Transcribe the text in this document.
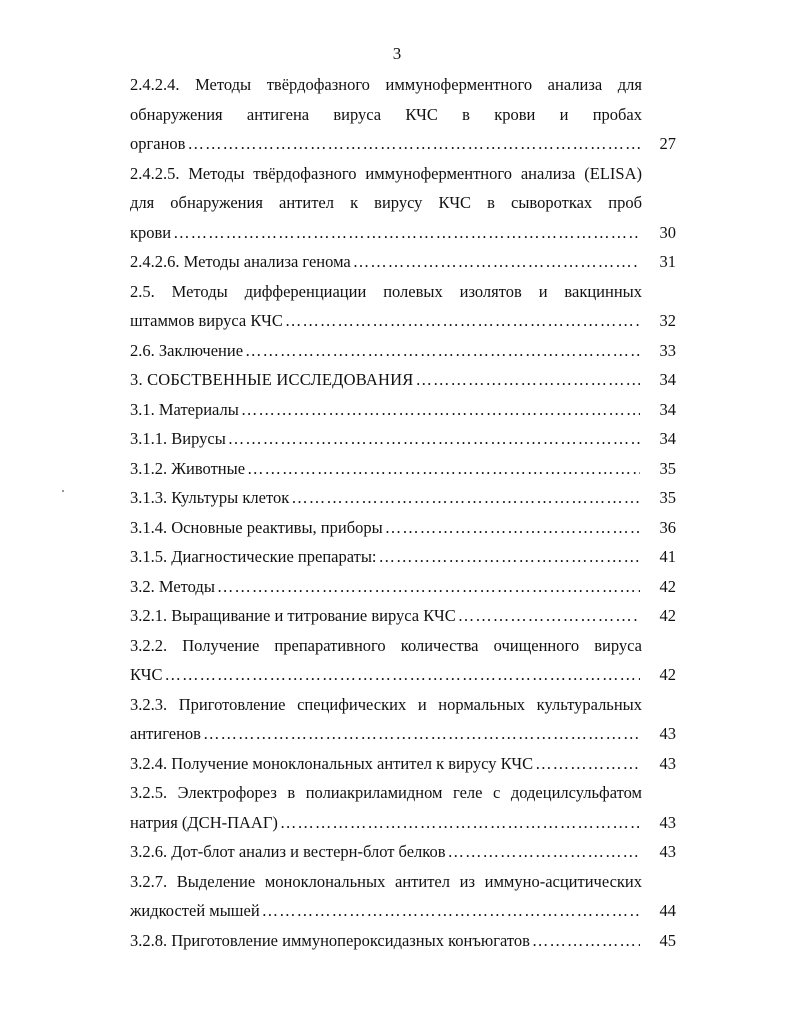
3
2.4.2.4. Методы твёрдофазного иммуноферментного анализа для
обнаружения антигена вируса КЧС в крови и пробах
органов ……………………………………………………………………………………………………………………………………………………………………………………………………………	27
2.4.2.5. Методы твёрдофазного иммуноферментного анализа (ELISA)
для обнаружения антител к вирусу КЧС в сыворотках проб
крови ……………………………………………………………………………………………………………………………………………………………………………………………………………	30
2.4.2.6. Методы анализа генома ……………………………………………………………………………………………………………………………………………………………………………………………………………	31
2.5. Методы дифференциации полевых изолятов и вакцинных
штаммов вируса КЧС ……………………………………………………………………………………………………………………………………………………………………………………………………………	32
2.6. Заключение ……………………………………………………………………………………………………………………………………………………………………………………………………………	33
3. СОБСТВЕННЫЕ ИССЛЕДОВАНИЯ ……………………………………………………………………………………………………………………………………………………………………………………………………………	34
3.1. Материалы ……………………………………………………………………………………………………………………………………………………………………………………………………………	34
3.1.1. Вирусы ……………………………………………………………………………………………………………………………………………………………………………………………………………	34
3.1.2. Животные ……………………………………………………………………………………………………………………………………………………………………………………………………………	35
3.1.3. Культуры клеток ……………………………………………………………………………………………………………………………………………………………………………………………………………	35
3.1.4. Основные реактивы, приборы ……………………………………………………………………………………………………………………………………………………………………………………………………………	36
3.1.5. Диагностические препараты: ……………………………………………………………………………………………………………………………………………………………………………………………………………	41
3.2. Методы ……………………………………………………………………………………………………………………………………………………………………………………………………………	42
3.2.1. Выращивание и титрование вируса КЧС ……………………………………………………………………………………………………………………………………………………………………………………………………………	42
3.2.2. Получение препаративного количества очищенного вируса
КЧС ……………………………………………………………………………………………………………………………………………………………………………………………………………	42
3.2.3. Приготовление специфических и нормальных культуральных
антигенов ……………………………………………………………………………………………………………………………………………………………………………………………………………	43
3.2.4. Получение моноклональных антител к вирусу КЧС ……………………………………………………………………………………………………………………………………………………………………………………………………………	43
3.2.5. Электрофорез в полиакриламидном геле с додецилсульфатом
натрия (ДСН-ПААГ) ……………………………………………………………………………………………………………………………………………………………………………………………………………	43
3.2.6. Дот-блот анализ и вестерн-блот белков ……………………………………………………………………………………………………………………………………………………………………………………………………………	43
3.2.7. Выделение моноклональных антител из иммуно-асцитических
жидкостей мышей ……………………………………………………………………………………………………………………………………………………………………………………………………………	44
3.2.8. Приготовление иммунопероксидазных конъюгатов ……………………………………………………………………………………………………………………………………………………………………………………………………………	45
